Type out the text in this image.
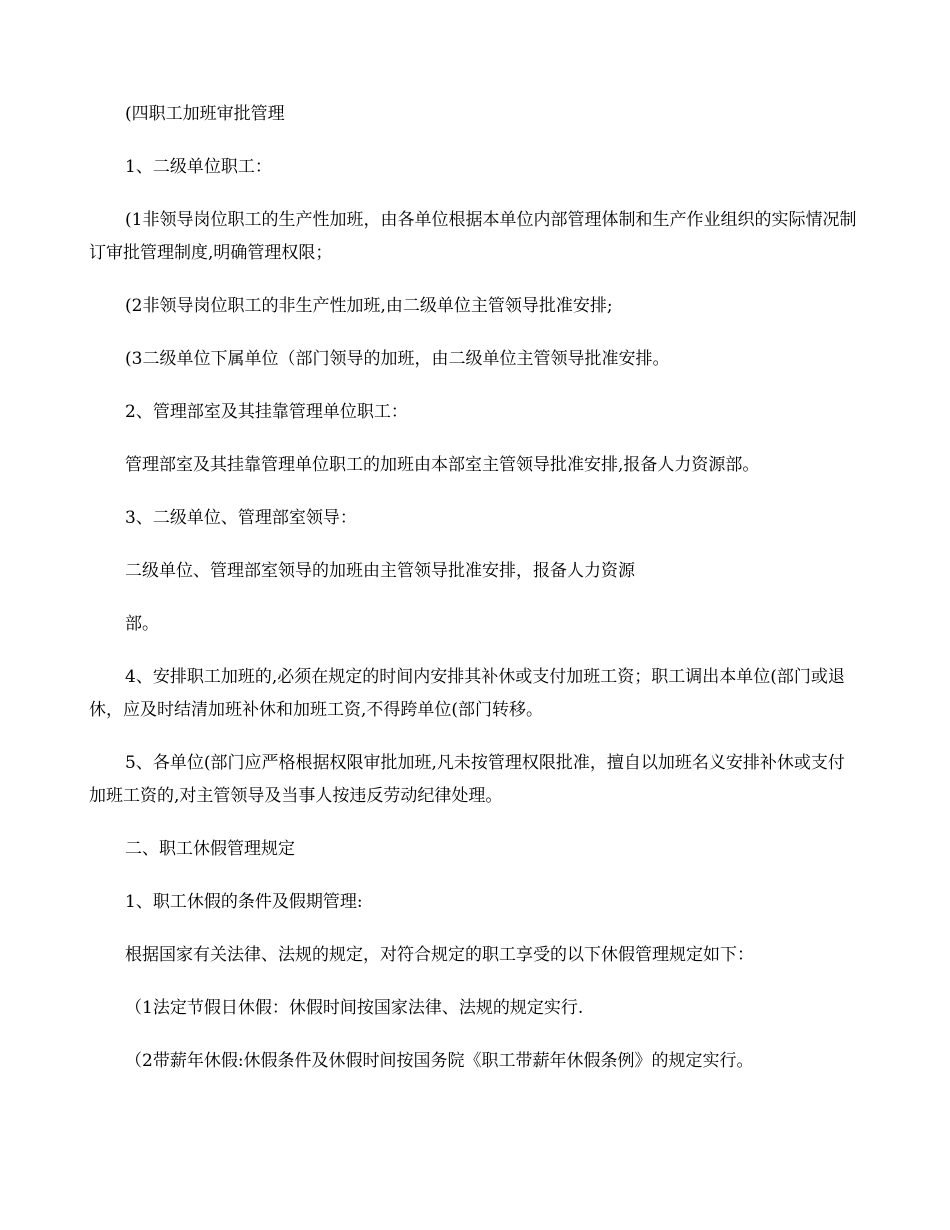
(四职工加班审批管理

1、二级单位职工：

(1非领导岗位职工的生产性加班，由各单位根据本单位内部管理体制和生产作业组织的实际情况制订审批管理制度,明确管理权限；

(2非领导岗位职工的非生产性加班,由二级单位主管领导批准安排;

(3二级单位下属单位（部门领导的加班，由二级单位主管领导批准安排。

2、管理部室及其挂靠管理单位职工：

管理部室及其挂靠管理单位职工的加班由本部室主管领导批准安排,报备人力资源部。

3、二级单位、管理部室领导：

二级单位、管理部室领导的加班由主管领导批准安排，报备人力资源

部。

4、安排职工加班的,必须在规定的时间内安排其补休或支付加班工资；职工调出本单位(部门或退休，应及时结清加班补休和加班工资,不得跨单位(部门转移。

5、各单位(部门应严格根据权限审批加班,凡未按管理权限批准，擅自以加班名义安排补休或支付加班工资的,对主管领导及当事人按违反劳动纪律处理。

二、职工休假管理规定

1、职工休假的条件及假期管理:

根据国家有关法律、法规的规定，对符合规定的职工享受的以下休假管理规定如下：

（1法定节假日休假：休假时间按国家法律、法规的规定实行.

（2带薪年休假:休假条件及休假时间按国务院《职工带薪年休假条例》的规定实行。
